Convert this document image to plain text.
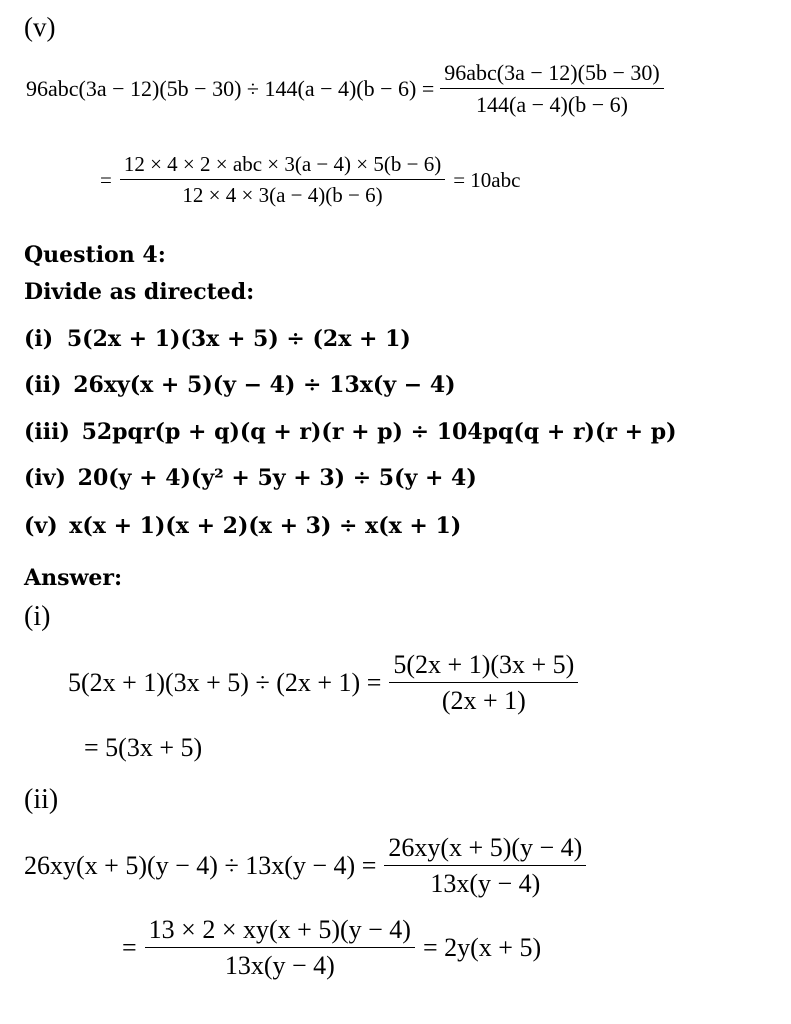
(v)
$96abc(3a - 12)(5b - 30) \div 144(a - 4)(b - 6) = \frac{\text{96abc(3a − 12)(5b − 30)}}{144(a - 4)(b - 6)}$
= $\frac{\text{12 × 4 × 2 × abc × 3(a − 4) × 5(b − 6)}}{12 \times 4 \times 3(a - 4)(b - 6)} = 10abc$
Question 4:
Divide as directed:
(i) 5(2x + 1)(3x + 5) ÷ (2x + 1)
(ii) 26xy(x + 5)(y − 4) ÷ 13x(y − 4)
(iii) 52pqr(p + q)(q + r)(r + p) ÷ 104pq(q + r)(r + p)
(iv) 20(y + 4)(y² + 5y + 3) ÷ 5(y + 4)
(v) x(x + 1)(x + 2)(x + 3) ÷ x(x + 1)
Answer:
(i)
$5(2x + 1)(3x + 5) \div (2x + 1) = \frac{5(2x + 1)(3x + 5)}{(2x + 1)}$
= 5(3x + 5)
(ii)
$26xy(x + 5)(y - 4) \div 13x(y - 4) = \frac{26xy(x + 5)(y - 4)}{13x(y - 4)}$
= $\frac{13 \times 2 \times xy(x + 5)(y - 4)}{13x(y - 4)} = 2y(x + 5)$
